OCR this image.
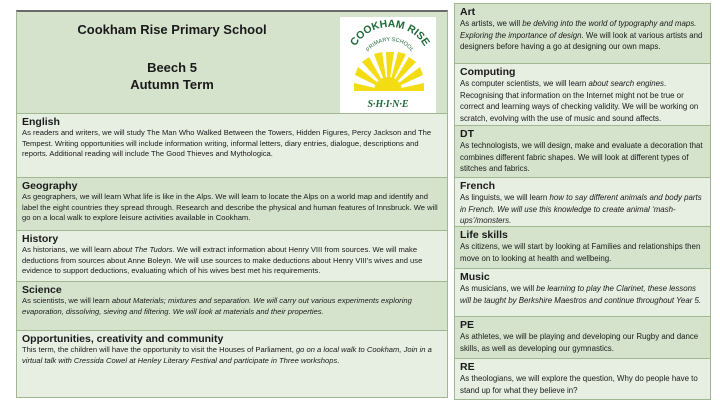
Cookham Rise Primary School
Beech 5
Autumn Term
COOKHAM RISE
PRIMARY SCHOOL
S·H·I·N·E

English

As readers and writers, we will study The Man Who Walked Between the Towers, Hidden Figures, Percy Jackson and The Tempest. Writing opportunities will include information writing, informal letters, diary entries, dialogue, descriptions and reports. Additional reading will include The Good Thieves and Mythologica.

Geography

As geographers, we will learn What life is like in the Alps. We will learn to locate the Alps on a world map and identify and label the eight countries they spread through. Research and describe the physical and human features of Innsbruck. We will go on a local walk to explore leisure activities available in Cookham.

History

As historians, we will learn about The Tudors. We will extract information about Henry VIII from sources. We will make deductions from sources about Anne Boleyn. We will use sources to make deductions about Henry VIII’s wives and use evidence to support deductions, evaluating which of his wives best met his requirements.

Science

As scientists, we will learn about Materials; mixtures and separation. We will carry out various experiments exploring evaporation, dissolving, sieving and filtering. We will look at materials and their properties.

Opportunities, creativity and community

This term, the children will have the opportunity to visit the Houses of Parliament, go on a local walk to Cookham, Join in a virtual talk with Cressida Cowel at Henley Literary Festival and participate in Three workshops.

Art

As artists, we will be delving into the world of typography and maps. Exploring the importance of design. We will look at various artists and designers before having a go at designing our own maps.

Computing

As computer scientists, we will learn about search engines. Recognising that information on the Internet might not be true or correct and learning ways of checking validity. We will be working on scratch, evolving with the use of music and sound affects.

DT

As technologists, we will design, make and evaluate a decoration that combines different fabric shapes. We will look at different types of stitches and fabrics.

French

As linguists, we will learn how to say different animals and body parts in French. We will use this knowledge to create animal ‘mash-ups’/monsters.

Life skills

As citizens, we will start by looking at Families and relationships then move on to looking at health and wellbeing.

Music

As musicians, we will be learning to play the Clarinet, these lessons will be taught by Berkshire Maestros and continue throughout Year 5.

PE

As athletes, we will be playing and developing our Rugby and dance skills, as well as developing our gymnastics.

RE

As theologians, we will explore the question, Why do people have to stand up for what they believe in?
